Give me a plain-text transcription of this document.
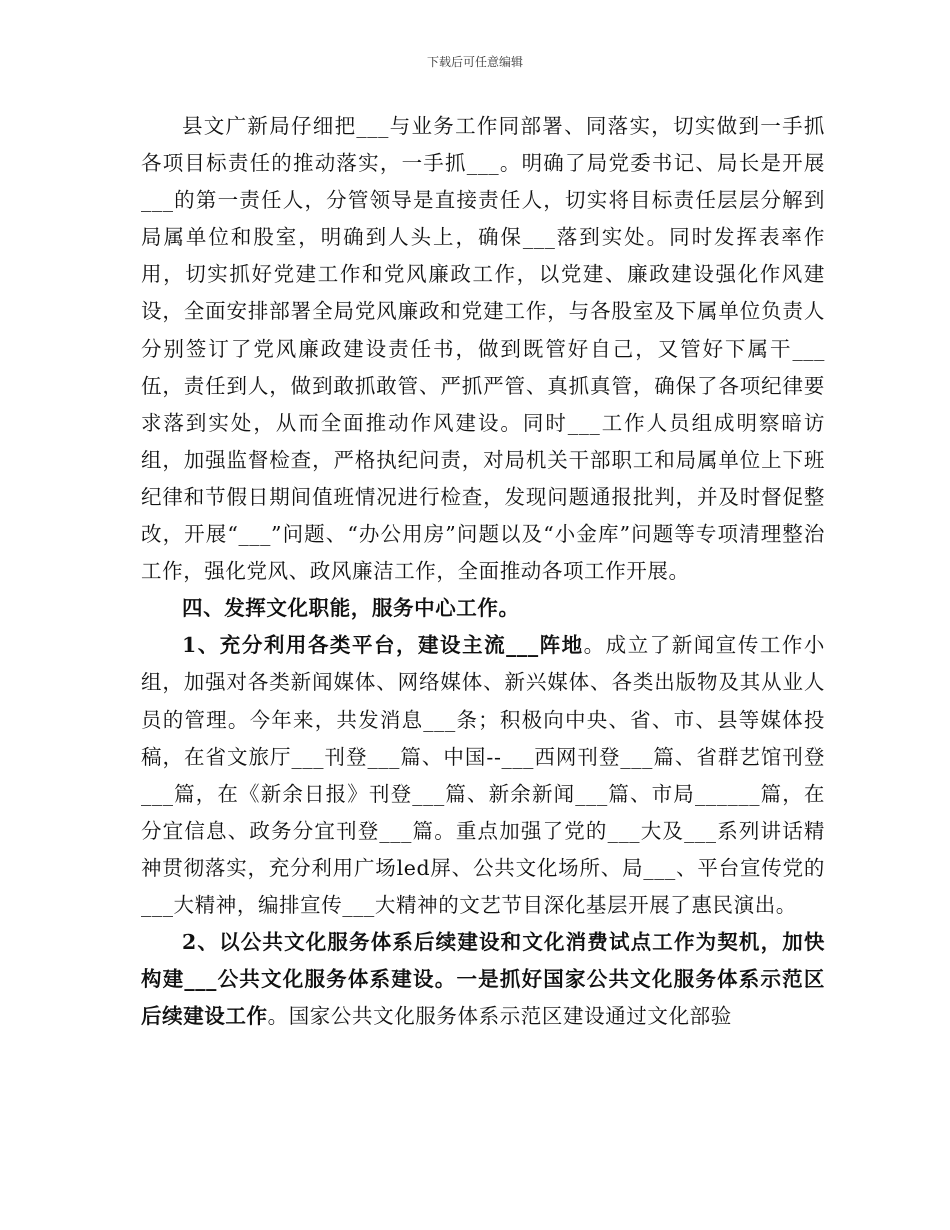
下载后可任意编辑

县文广新局仔细把___与业务工作同部署、同落实，切实做到一手抓各项目标责任的推动落实，一手抓___。明确了局党委书记、局长是开展___的第一责任人，分管领导是直接责任人，切实将目标责任层层分解到局属单位和股室，明确到人头上，确保___落到实处。同时发挥表率作用，切实抓好党建工作和党风廉政工作，以党建、廉政建设强化作风建设，全面安排部署全局党风廉政和党建工作，与各股室及下属单位负责人分别签订了党风廉政建设责任书，做到既管好自己，又管好下属干___伍，责任到人，做到敢抓敢管、严抓严管、真抓真管，确保了各项纪律要求落到实处，从而全面推动作风建设。同时___工作人员组成明察暗访组，加强监督检查，严格执纪问责，对局机关干部职工和局属单位上下班纪律和节假日期间值班情况进行检查，发现问题通报批判，并及时督促整改，开展“___”问题、“办公用房”问题以及“小金库”问题等专项清理整治工作，强化党风、政风廉洁工作，全面推动各项工作开展。

四、发挥文化职能，服务中心工作。

1、充分利用各类平台，建设主流___阵地。成立了新闻宣传工作小组，加强对各类新闻媒体、网络媒体、新兴媒体、各类出版物及其从业人员的管理。今年来，共发消息___条；积极向中央、省、市、县等媒体投稿，在省文旅厅___刊登___篇、中国--___西网刊登___篇、省群艺馆刊登___篇，在《新余日报》刊登___篇、新余新闻___篇、市局______篇，在分宜信息、政务分宜刊登___篇。重点加强了党的___大及___系列讲话精神贯彻落实，充分利用广场led屏、公共文化场所、局___、平台宣传党的___大精神，编排宣传___大精神的文艺节目深化基层开展了惠民演出。

2、以公共文化服务体系后续建设和文化消费试点工作为契机，加快构建___公共文化服务体系建设。一是抓好国家公共文化服务体系示范区后续建设工作。国家公共文化服务体系示范区建设通过文化部验
